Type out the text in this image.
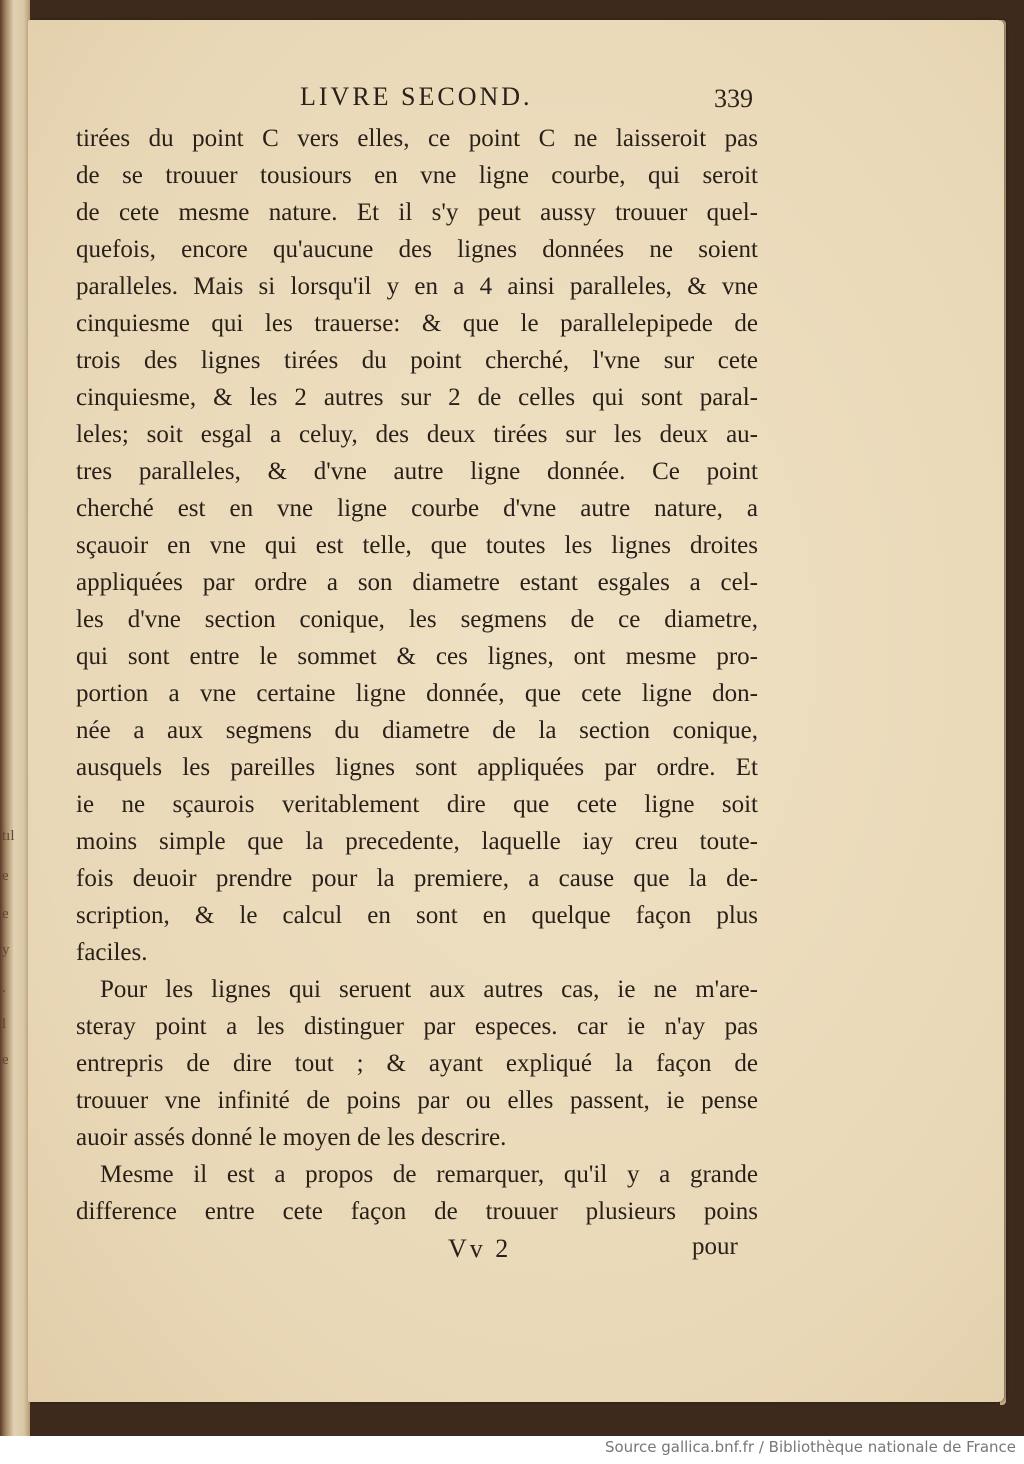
tıl
e
e
y
.
l
e
LIVRE SECOND.	339
tirées du point C vers elles, ce point C ne laisseroit pas
de se trouuer tousiours en vne ligne courbe, qui seroit
de cete mesme nature. Et il s'y peut aussy trouuer quel-
quefois, encore qu'aucune des lignes données ne soient
paralleles. Mais si lorsqu'il y en a 4 ainsi paralleles, & vne
cinquiesme qui les trauerse: & que le parallelepipede de
trois des lignes tirées du point cherché, l'vne sur cete
cinquiesme, & les 2 autres sur 2 de celles qui sont paral-
leles; soit esgal a celuy, des deux tirées sur les deux au-
tres paralleles, & d'vne autre ligne donnée. Ce point
cherché est en vne ligne courbe d'vne autre nature, a
sçauoir en vne qui est telle, que toutes les lignes droites
appliquées par ordre a son diametre estant esgales a cel-
les d'vne section conique, les segmens de ce diametre,
qui sont entre le sommet & ces lignes, ont mesme pro-
portion a vne certaine ligne donnée, que cete ligne don-
née a aux segmens du diametre de la section conique,
ausquels les pareilles lignes sont appliquées par ordre. Et
ie ne sçaurois veritablement dire que cete ligne soit
moins simple que la precedente, laquelle iay creu toute-
fois deuoir prendre pour la premiere, a cause que la de-
scription, & le calcul en sont en quelque façon plus
faciles.
Pour les lignes qui seruent aux autres cas, ie ne m'are-
steray point a les distinguer par especes. car ie n'ay pas
entrepris de dire tout ; & ayant expliqué la façon de
trouuer vne infinité de poins par ou elles passent, ie pense
auoir assés donné le moyen de les descrire.
Mesme il est a propos de remarquer, qu'il y a grande
difference entre cete façon de trouuer plusieurs poins
Vv 2	pour
Source gallica.bnf.fr / Bibliothèque nationale de France
